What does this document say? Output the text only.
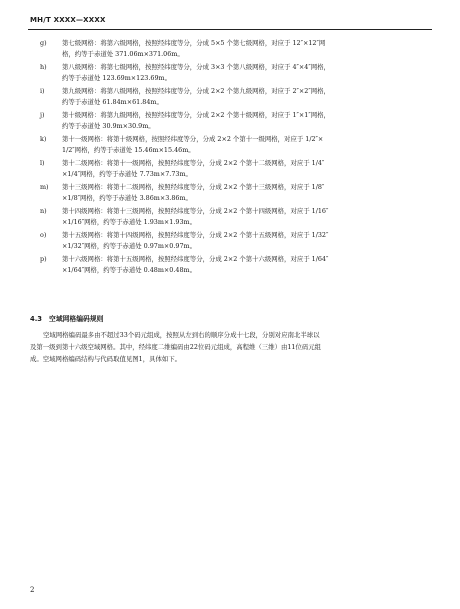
MH/T XXXX—XXXX
g) 第七级网格：将第六级网格，按照经纬度等分，分成 5×5 个第七级网格，对应于 12″×12″网
格，约等于赤道处 371.06m×371.06m。
h) 第八级网格：将第七级网格，按照经纬度等分，分成 3×3 个第八级网格，对应于 4″×4″网格，
约等于赤道处 123.69m×123.69m。
i)	第九级网格：将第八级网格，按照经纬度等分，分成 2×2 个第九级网格，对应于 2″×2″网格，
约等于赤道处 61.84m×61.84m。
j)	第十级网格：将第九级网格，按照经纬度等分，分成 2×2 个第十级网格，对应于 1″×1″网格，
约等于赤道处 30.9m×30.9m。
k) 第十一级网格：将第十级网格，按照经纬度等分，分成 2×2 个第十一级网格，对应于 1/2″×
1/2″网格，约等于赤道处 15.46m×15.46m。
l)	第十二级网格：将第十一级网格，按照经纬度等分，分成 2×2 个第十二级网格，对应于 1/4″
×1/4″网格，约等于赤道处 7.73m×7.73m。
m) 第十三级网格：将第十二级网格，按照经纬度等分，分成 2×2 个第十三级网格，对应于 1/8″
×1/8″网格，约等于赤道处 3.86m×3.86m。
n) 第十四级网格：将第十三级网格，按照经纬度等分，分成 2×2 个第十四级网格，对应于 1/16″
×1/16″网格，约等于赤道处 1.93m×1.93m。
o) 第十五级网格：将第十四级网格，按照经纬度等分，分成 2×2 个第十五级网格，对应于 1/32″
×1/32″网格，约等于赤道处 0.97m×0.97m。
p) 第十六级网格：将第十五级网格，按照经纬度等分，分成 2×2 个第十六级网格，对应于 1/64″
×1/64″网格，约等于赤道处 0.48m×0.48m。
4.3 空域网格编码规则
空域网格编码最多由不超过33个码元组成，按照从左到右的顺序分成十七段，分别对应南北半球以
及第一级到第十六级空域网格。其中，经纬度二维编码由22位码元组成，高程维（三维）由11位码元组
成。空域网格编码结构与代码取值见图1，具体如下。
2
